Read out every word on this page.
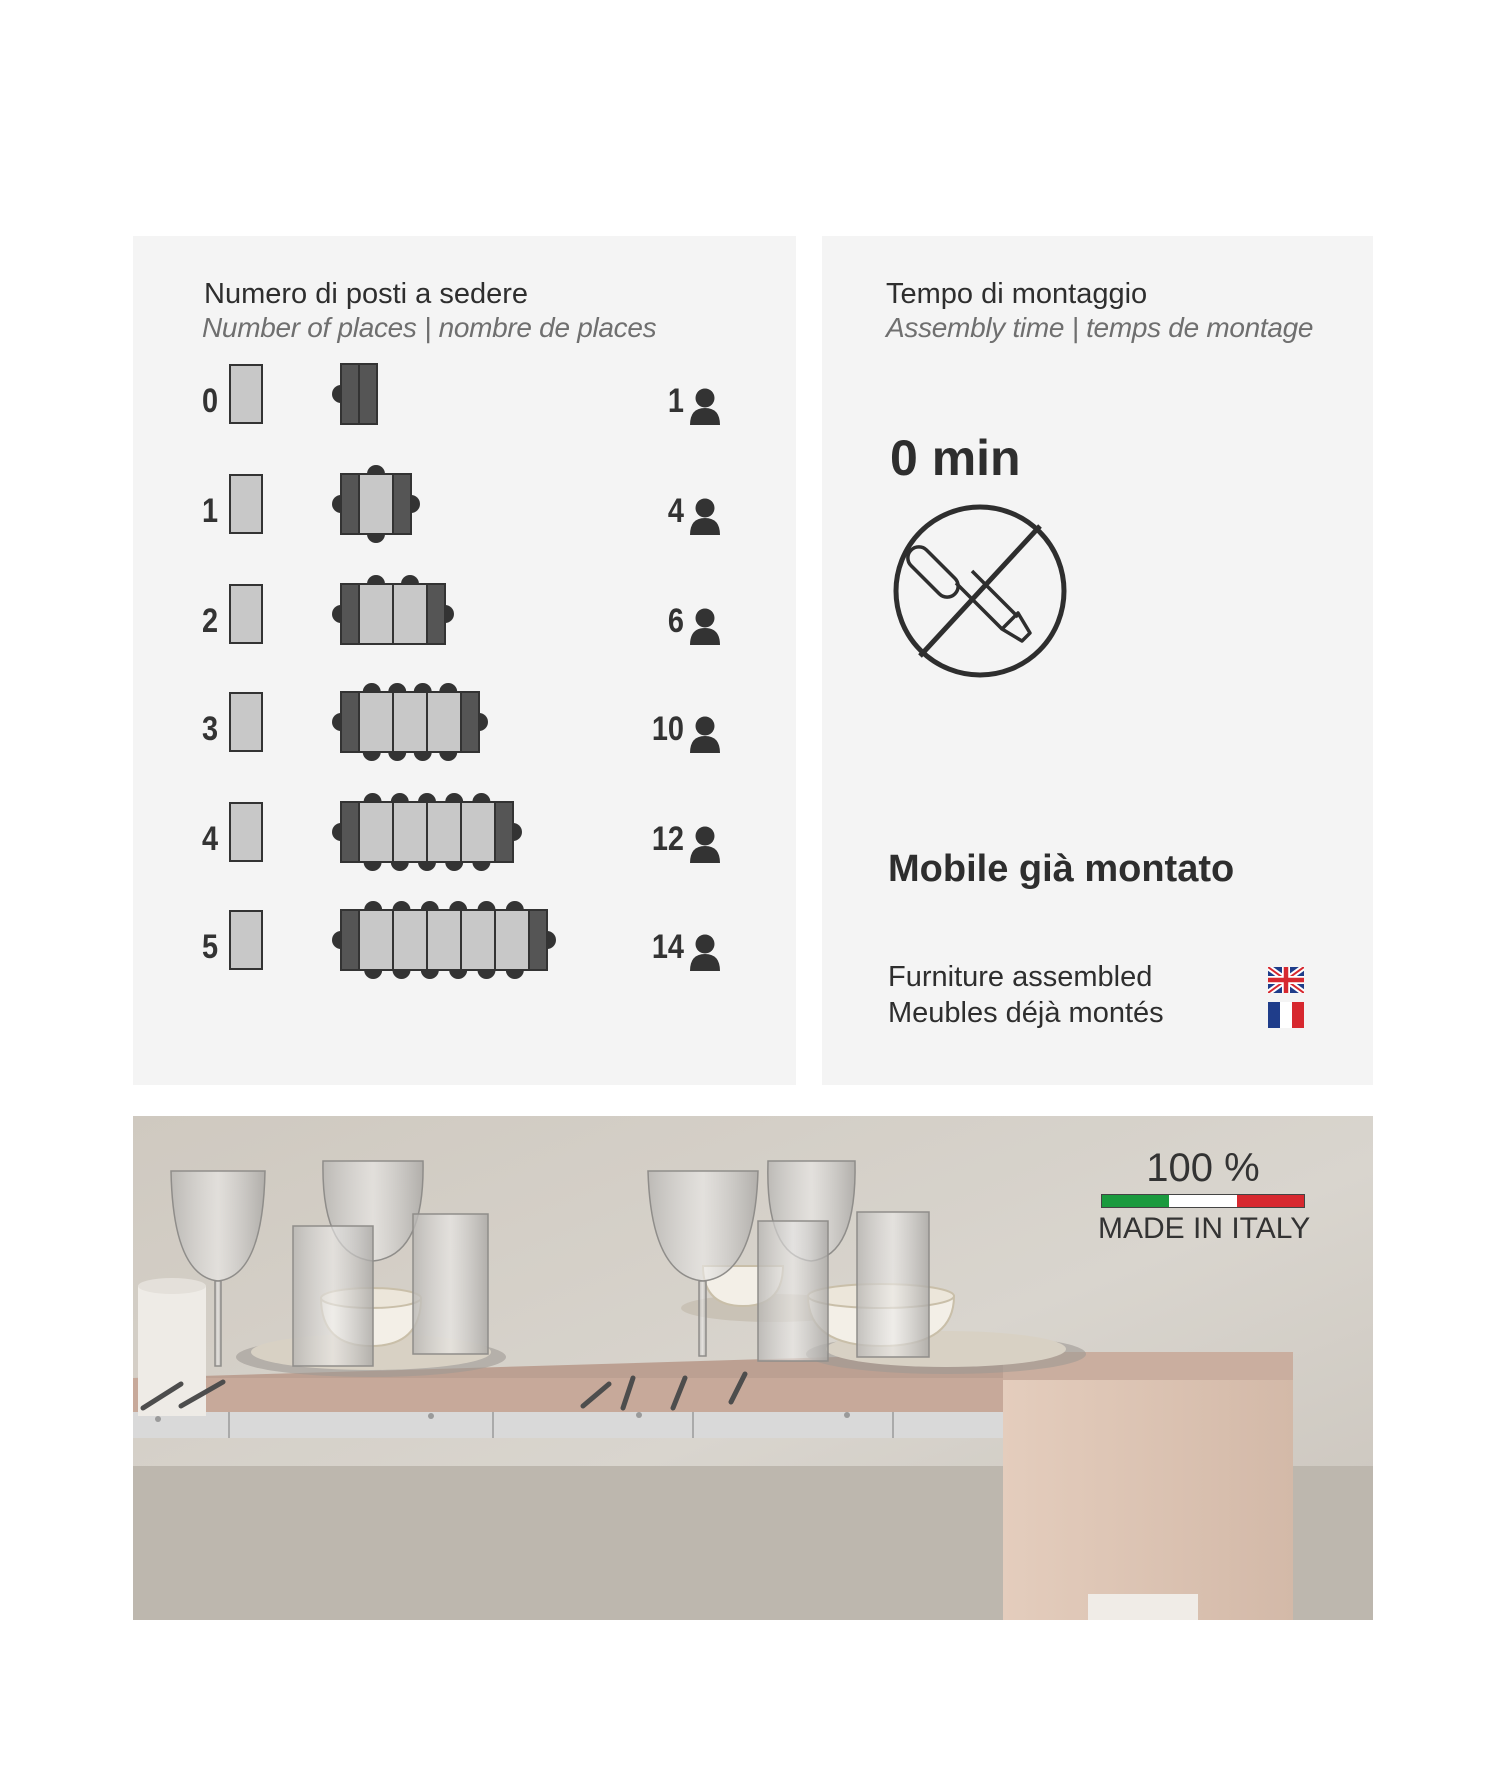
Numero di posti a sedere
Number of places | nombre de places
0	1
1	4
2	6
3	10
4	12
5	14
Tempo di montaggio
Assembly time | temps de montage
0 min
Mobile già montato
Furniture assembled
Meubles déjà montés
100 %
MADE IN ITALY
